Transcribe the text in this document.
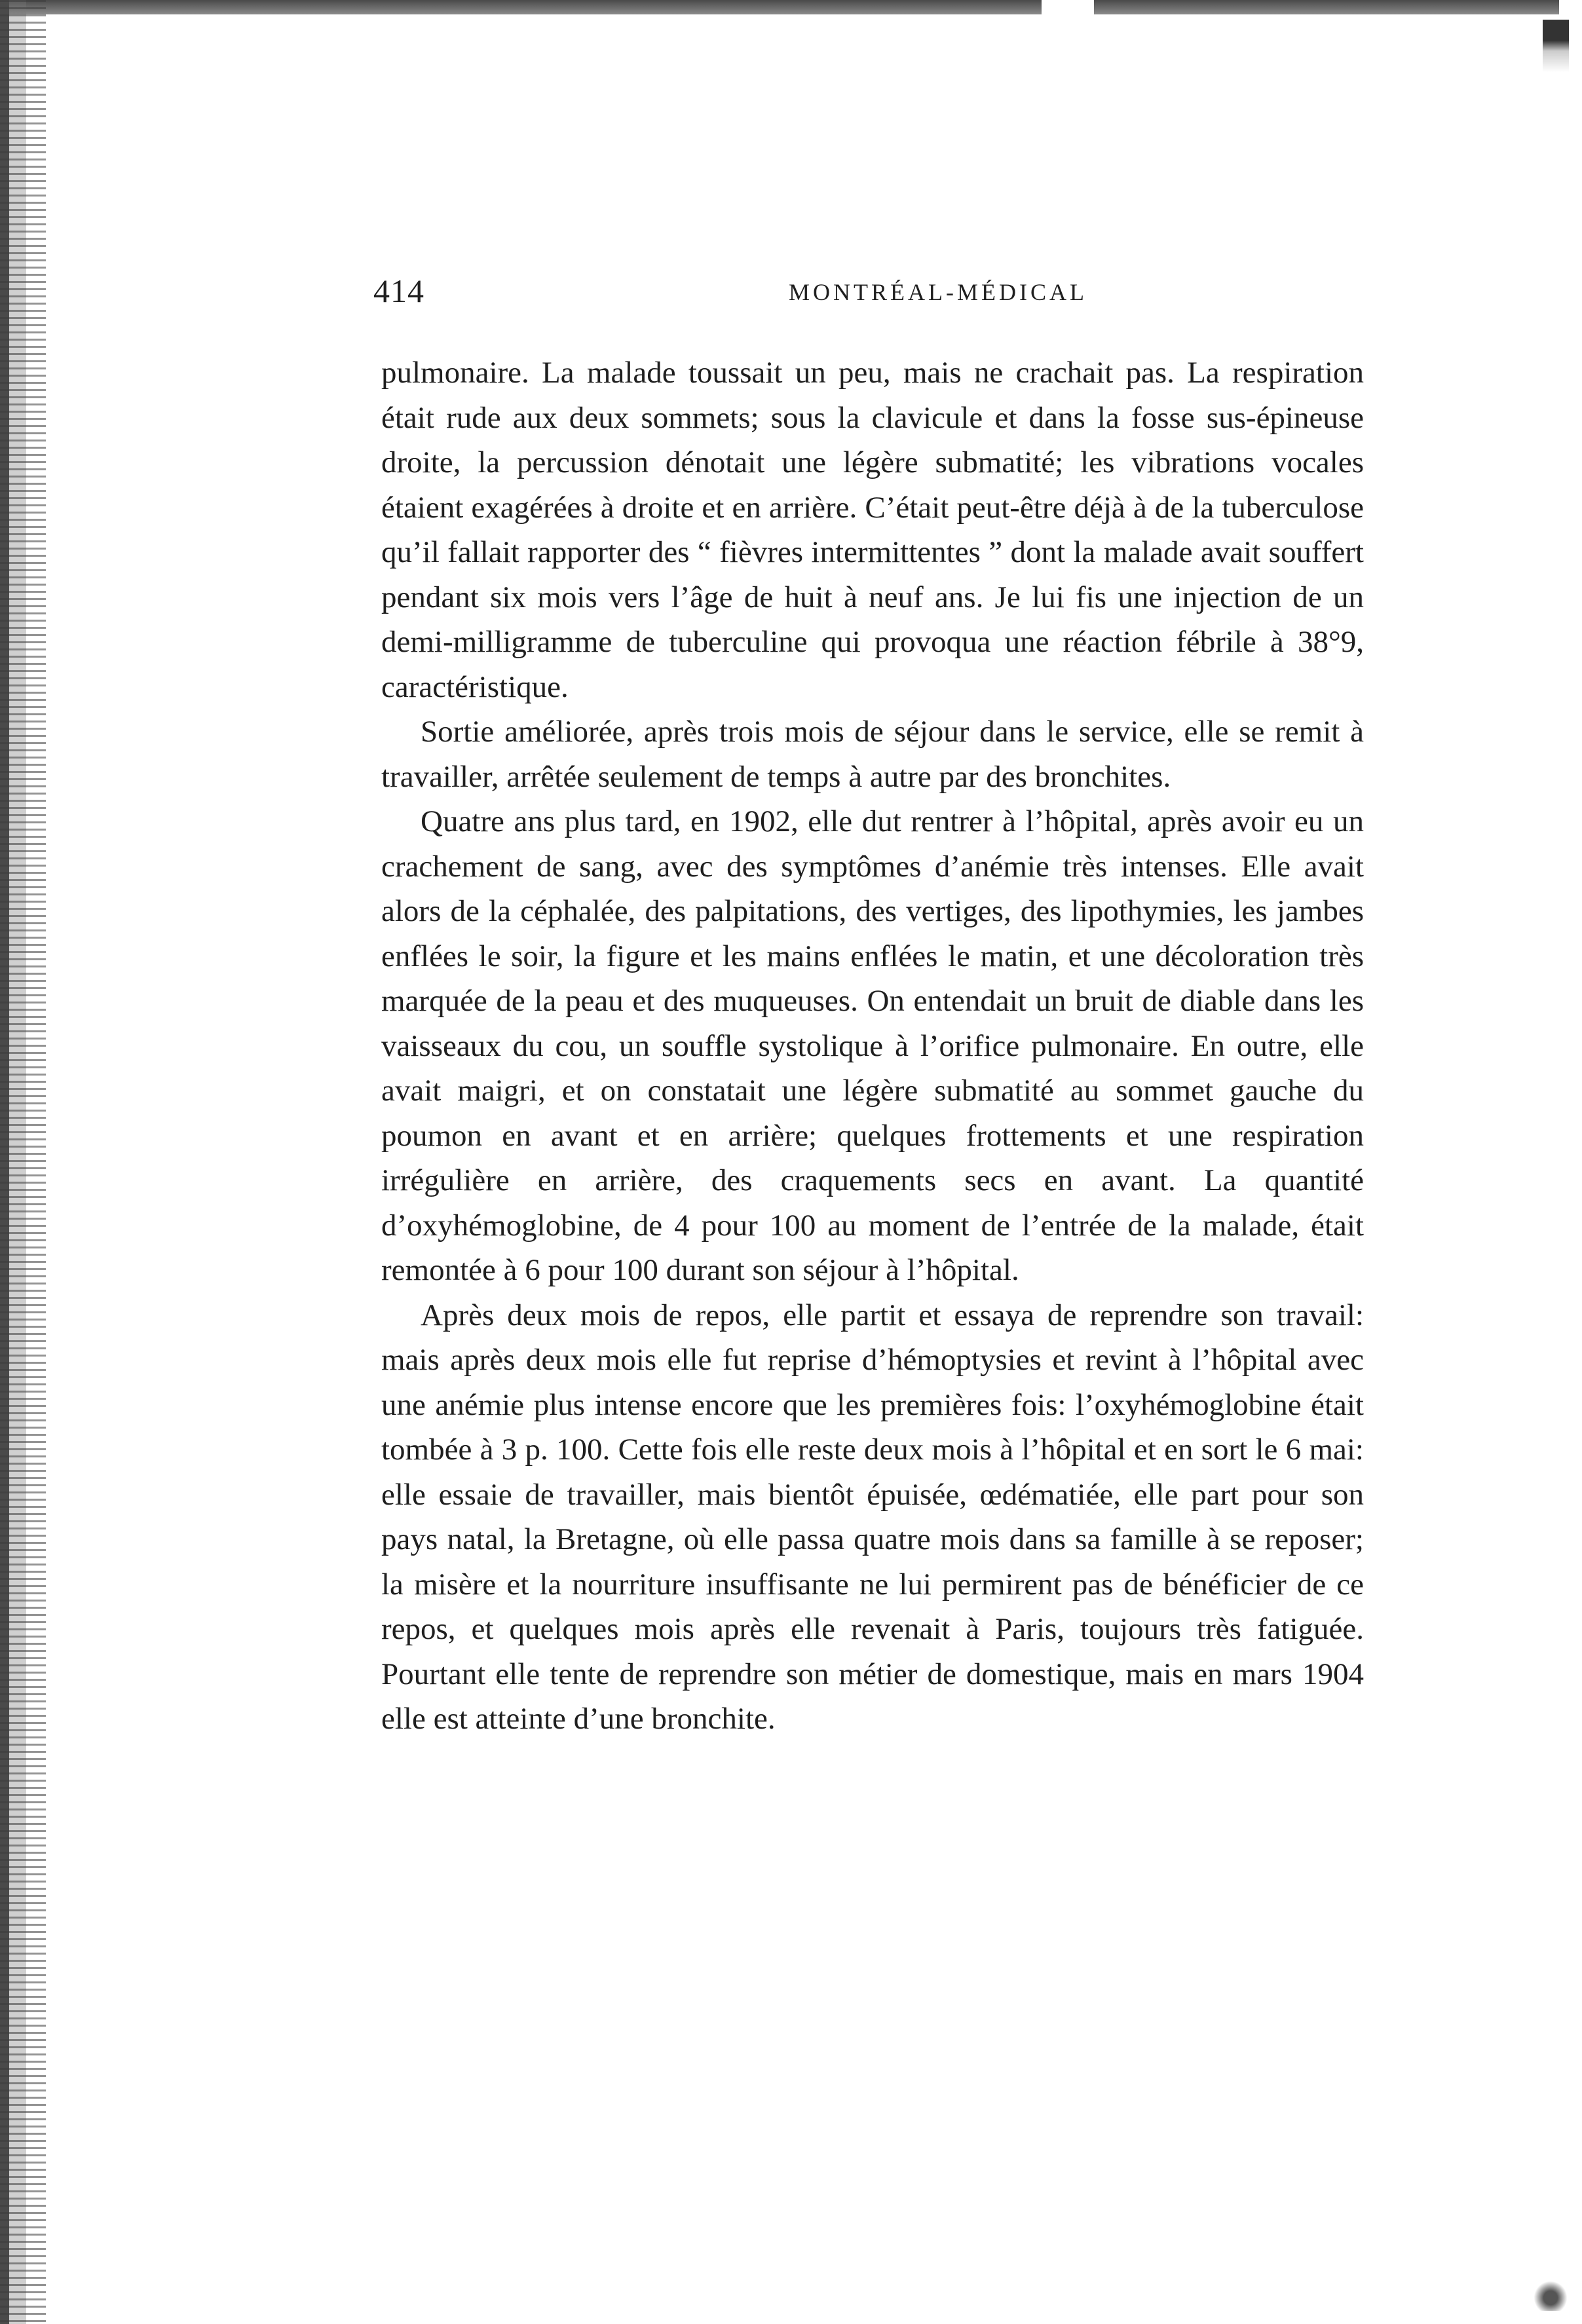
414	MONTRÉAL-MÉDICAL

pulmonaire. La malade toussait un peu, mais ne crachait pas. La respiration était rude aux deux sommets; sous la clavicule et dans la fosse sus-épineuse droite, la percussion dénotait une légère submatité; les vibrations vocales étaient exagérées à droite et en arrière. C’était peut-être déjà à de la tuberculose qu’il fallait rapporter des “ fièvres intermittentes ” dont la malade avait souffert pendant six mois vers l’âge de huit à neuf ans. Je lui fis une injection de un demi-milligramme de tuberculine qui provoqua une réaction fébrile à 38°9, caractéristique.

Sortie améliorée, après trois mois de séjour dans le service, elle se remit à travailler, arrêtée seulement de temps à autre par des bronchites.

Quatre ans plus tard, en 1902, elle dut rentrer à l’hôpital, après avoir eu un crachement de sang, avec des symptômes d’anémie très intenses. Elle avait alors de la céphalée, des palpitations, des vertiges, des lipothymies, les jambes enflées le soir, la figure et les mains enflées le matin, et une décoloration très marquée de la peau et des muqueuses. On entendait un bruit de diable dans les vaisseaux du cou, un souffle systolique à l’orifice pulmonaire. En outre, elle avait maigri, et on constatait une légère submatité au sommet gauche du poumon en avant et en arrière; quelques frottements et une respiration irrégulière en arrière, des craquements secs en avant. La quantité d’oxyhémoglobine, de 4 pour 100 au moment de l’entrée de la malade, était remontée à 6 pour 100 durant son séjour à l’hôpital.

Après deux mois de repos, elle partit et essaya de reprendre son travail: mais après deux mois elle fut reprise d’hémoptysies et revint à l’hôpital avec une anémie plus intense encore que les premières fois: l’oxyhémoglobine était tombée à 3 p. 100. Cette fois elle reste deux mois à l’hôpital et en sort le 6 mai: elle essaie de travailler, mais bientôt épuisée, œdématiée, elle part pour son pays natal, la Bretagne, où elle passa quatre mois dans sa famille à se reposer; la misère et la nourriture insuffisante ne lui permirent pas de bénéficier de ce repos, et quelques mois après elle revenait à Paris, toujours très fatiguée. Pourtant elle tente de reprendre son métier de domestique, mais en mars 1904 elle est atteinte d’une bronchite.
